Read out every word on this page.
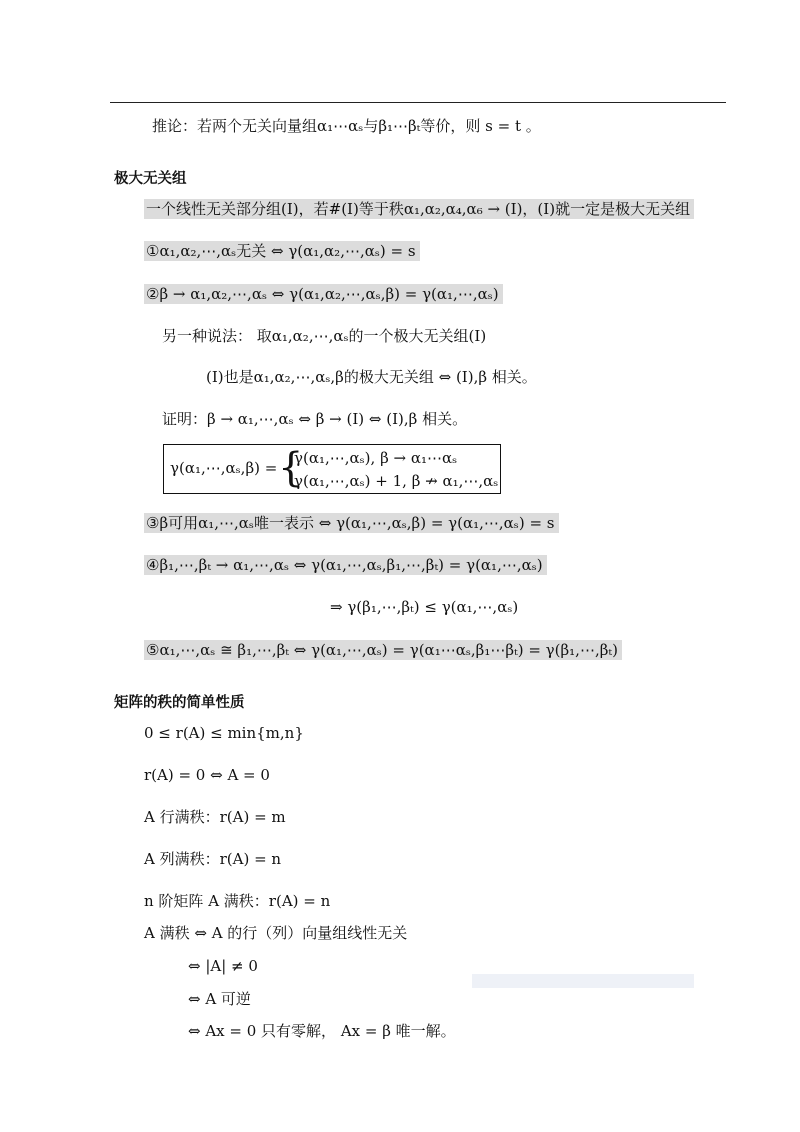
推论：若两个无关向量组α₁⋯αₛ与β₁⋯βₜ等价，则 s = t 。
极大无关组
一个线性无关部分组(I)，若#(I)等于秩α₁,α₂,α₄,α₆ → (I)，(I)就一定是极大无关组
①α₁,α₂,⋯,αₛ无关 ⇔ γ(α₁,α₂,⋯,αₛ) = s
②β → α₁,α₂,⋯,αₛ ⇔ γ(α₁,α₂,⋯,αₛ,β) = γ(α₁,⋯,αₛ)
另一种说法： 取α₁,α₂,⋯,αₛ的一个极大无关组(I)
(I)也是α₁,α₂,⋯,αₛ,β的极大无关组 ⇔ (I),β 相关。
证明：β → α₁,⋯,αₛ ⇔ β → (I) ⇔ (I),β 相关。
γ(α₁,⋯,αₛ,β) = {
γ(α₁,⋯,αₛ), β → α₁⋯αₛ
γ(α₁,⋯,αₛ) + 1, β ↛ α₁,⋯,αₛ
③β可用α₁,⋯,αₛ唯一表示 ⇔ γ(α₁,⋯,αₛ,β) = γ(α₁,⋯,αₛ) = s
④β₁,⋯,βₜ → α₁,⋯,αₛ ⇔ γ(α₁,⋯,αₛ,β₁,⋯,βₜ) = γ(α₁,⋯,αₛ)
⇒ γ(β₁,⋯,βₜ) ≤ γ(α₁,⋯,αₛ)
⑤α₁,⋯,αₛ ≅ β₁,⋯,βₜ ⇔ γ(α₁,⋯,αₛ) = γ(α₁⋯αₛ,β₁⋯βₜ) = γ(β₁,⋯,βₜ)
矩阵的秩的简单性质
0 ≤ r(A) ≤ min{m,n}
r(A) = 0 ⇔ A = 0
A 行满秩：r(A) = m
A 列满秩：r(A) = n
n 阶矩阵 A 满秩：r(A) = n
A 满秩 ⇔ A 的行（列）向量组线性无关
⇔ |A| ≠ 0
⇔ A 可逆
⇔ Ax = 0 只有零解， Ax = β 唯一解。
